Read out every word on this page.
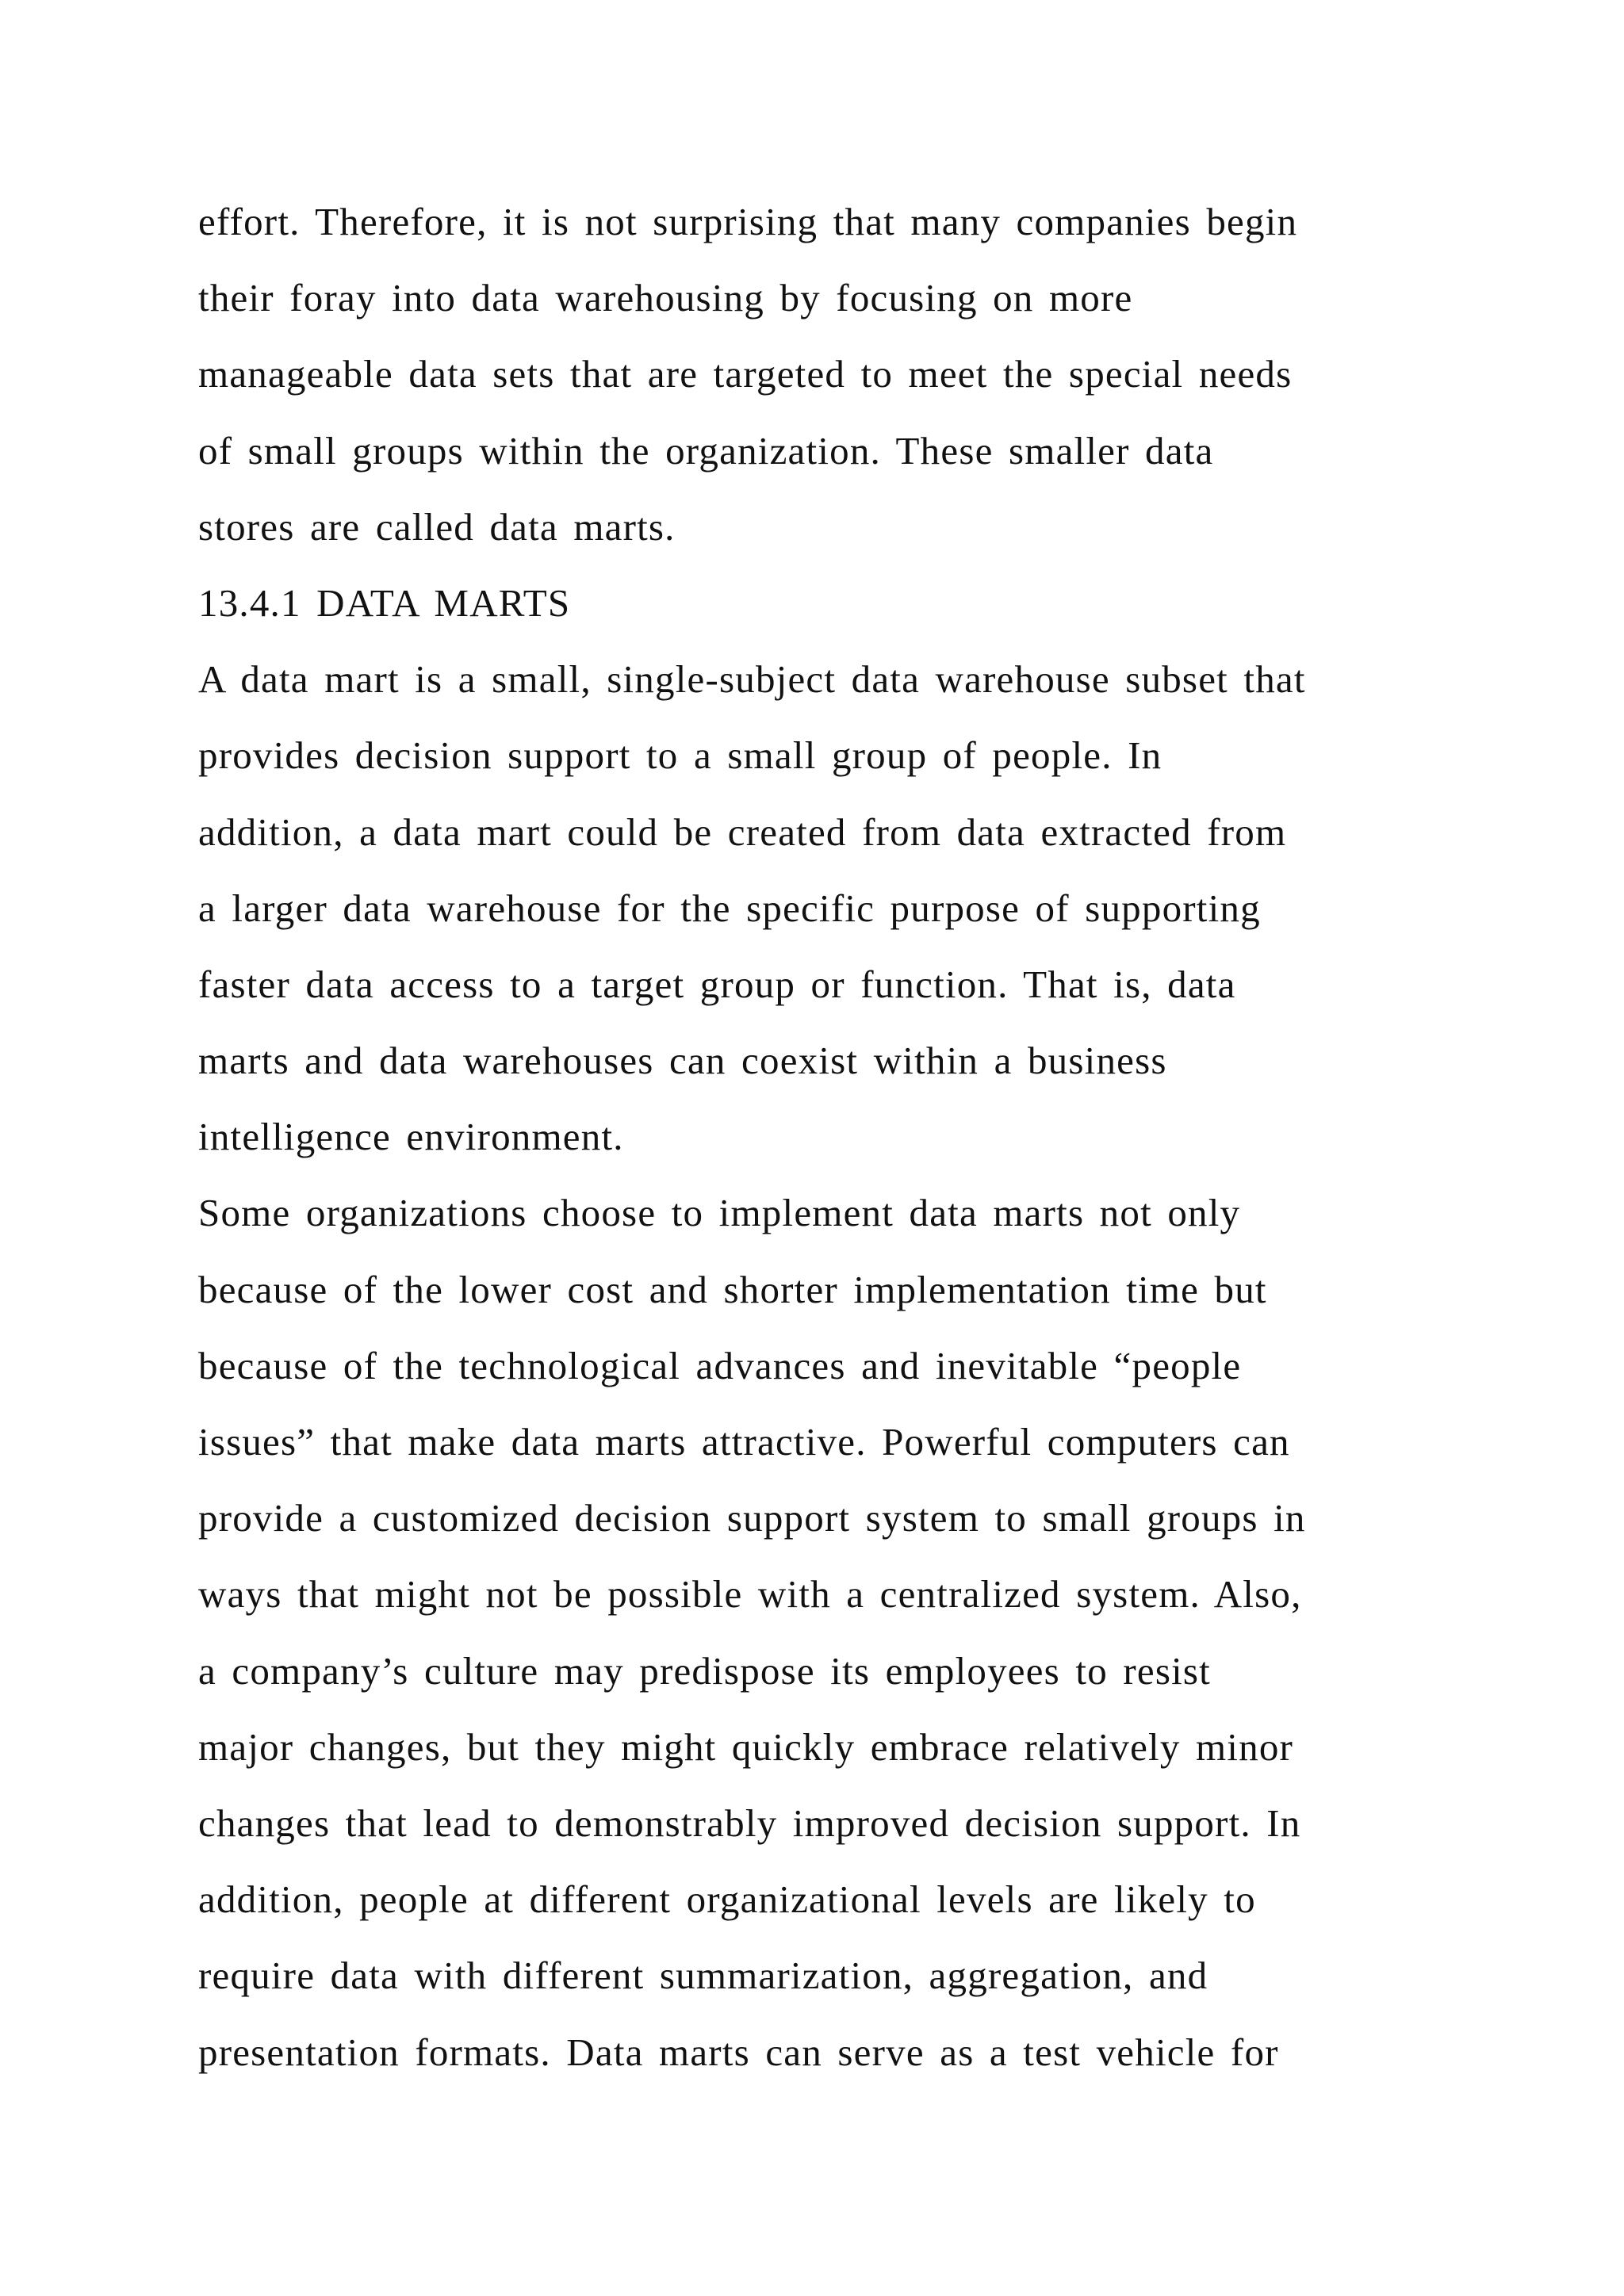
effort. Therefore, it is not surprising that many companies begin
their foray into data warehousing by focusing on more
manageable data sets that are targeted to meet the special needs
of small groups within the organization. These smaller data
stores are called data marts.
13.4.1 DATA MARTS
A data mart is a small, single-subject data warehouse subset that
provides decision support to a small group of people. In
addition, a data mart could be created from data extracted from
a larger data warehouse for the specific purpose of supporting
faster data access to a target group or function. That is, data
marts and data warehouses can coexist within a business
intelligence environment.
Some organizations choose to implement data marts not only
because of the lower cost and shorter implementation time but
because of the technological advances and inevitable “people
issues” that make data marts attractive. Powerful computers can
provide a customized decision support system to small groups in
ways that might not be possible with a centralized system. Also,
a company’s culture may predispose its employees to resist
major changes, but they might quickly embrace relatively minor
changes that lead to demonstrably improved decision support. In
addition, people at different organizational levels are likely to
require data with different summarization, aggregation, and
presentation formats. Data marts can serve as a test vehicle for
